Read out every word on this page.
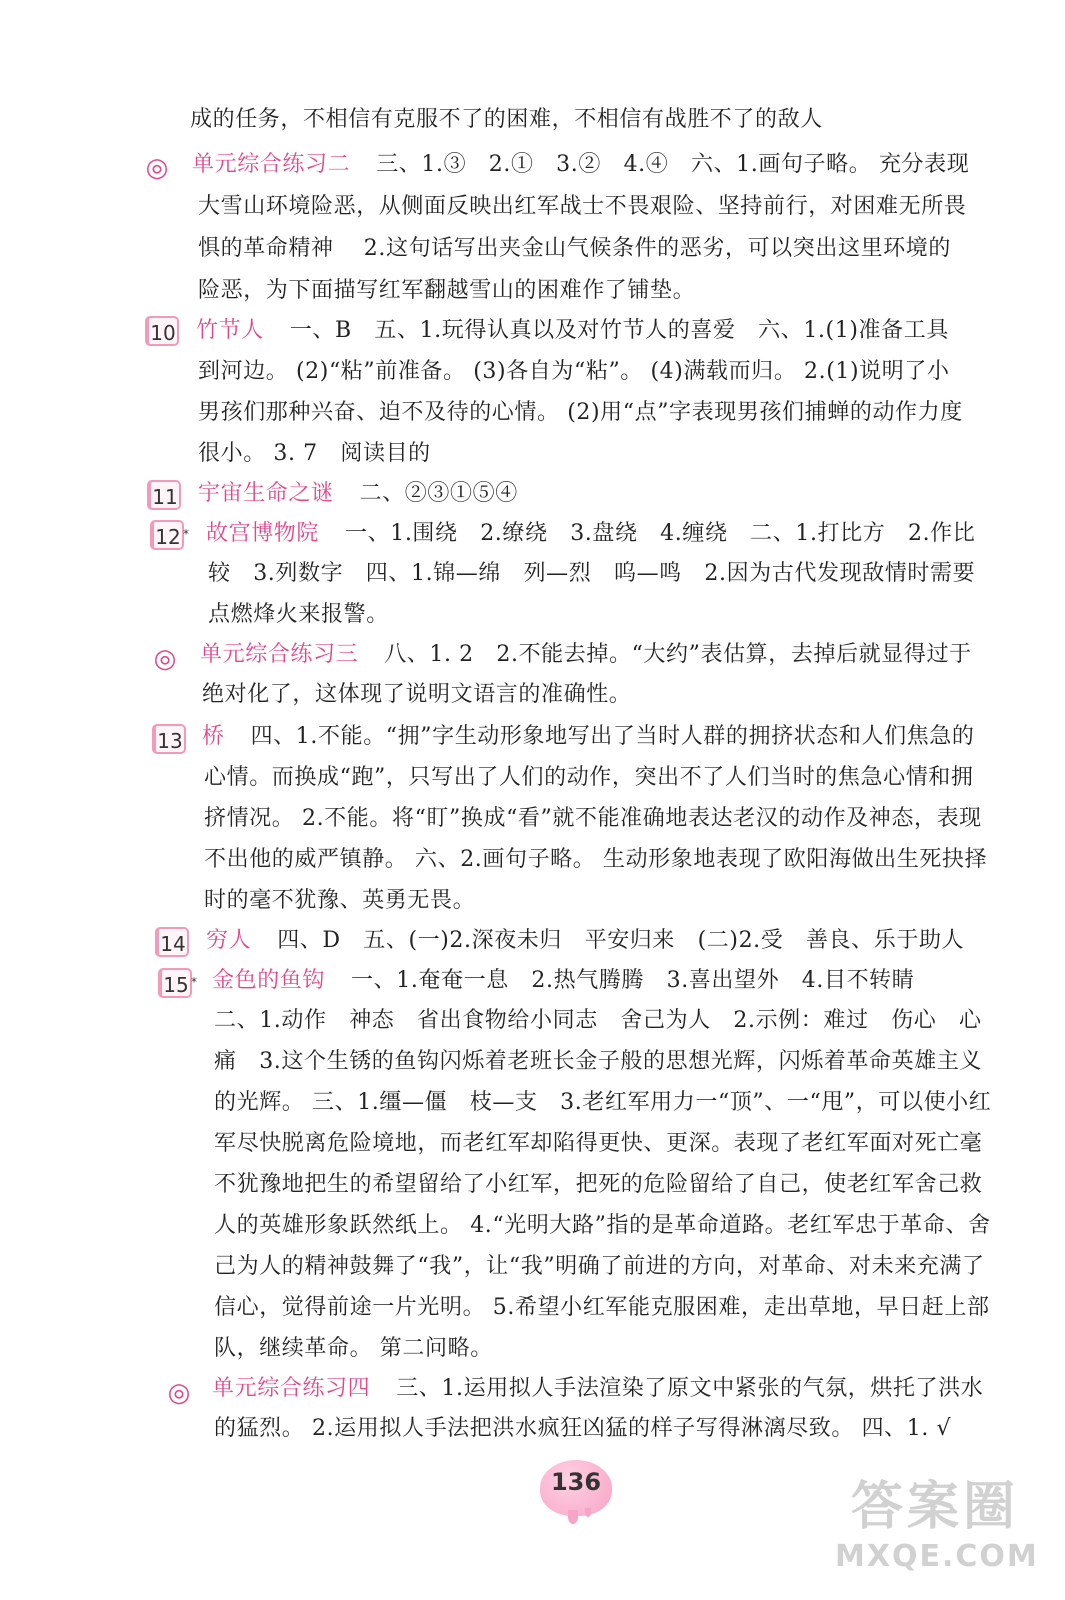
成的任务，不相信有克服不了的困难，不相信有战胜不了的敌人
◎ 单元综合练习二 三、1.③　2.①　3.②　4.④　六、1.画句子略。 充分表现
大雪山环境险恶，从侧面反映出红军战士不畏艰险、坚持前行，对困难无所畏
惧的革命精神　 2.这句话写出夹金山气候条件的恶劣，可以突出这里环境的
险恶，为下面描写红军翻越雪山的困难作了铺垫。
10 竹节人 一、B　五、1.玩得认真以及对竹节人的喜爱　六、1.(1)准备工具
到河边。 (2)“粘”前准备。 (3)各自为“粘”。 (4)满载而归。 2.(1)说明了小
男孩们那种兴奋、迫不及待的心情。 (2)用“点”字表现男孩们捕蝉的动作力度
很小。 3. 7　阅读目的
11 宇宙生命之谜 二、②③①⑤④
12 * 故宫博物院 一、1.围绕　2.缭绕　3.盘绕　4.缠绕　二、1.打比方　2.作比
较　3.列数字　四、1.锦—绵　列—烈　呜—鸣　2.因为古代发现敌情时需要
点燃烽火来报警。
◎ 单元综合练习三 八、1. 2　2.不能去掉。“大约”表估算，去掉后就显得过于
绝对化了，这体现了说明文语言的准确性。
13 桥 四、1.不能。“拥”字生动形象地写出了当时人群的拥挤状态和人们焦急的
心情。而换成“跑”，只写出了人们的动作，突出不了人们当时的焦急心情和拥
挤情况。 2.不能。将“盯”换成“看”就不能准确地表达老汉的动作及神态，表现
不出他的威严镇静。 六、2.画句子略。 生动形象地表现了欧阳海做出生死抉择
时的毫不犹豫、英勇无畏。
14 穷人 四、D　五、(一)2.深夜未归　平安归来　(二)2.受　善良、乐于助人
15 * 金色的鱼钩 一、1.奄奄一息　2.热气腾腾　3.喜出望外　4.目不转睛
二、1.动作　神态　省出食物给小同志　舍己为人　2.示例：难过　伤心　心
痛　3.这个生锈的鱼钩闪烁着老班长金子般的思想光辉，闪烁着革命英雄主义
的光辉。 三、1.缰—僵　枝—支　3.老红军用力一“顶”、一“甩”，可以使小红
军尽快脱离危险境地，而老红军却陷得更快、更深。表现了老红军面对死亡毫
不犹豫地把生的希望留给了小红军，把死的危险留给了自己，使老红军舍己救
人的英雄形象跃然纸上。 4.“光明大路”指的是革命道路。老红军忠于革命、舍
己为人的精神鼓舞了“我”，让“我”明确了前进的方向，对革命、对未来充满了
信心，觉得前途一片光明。 5.希望小红军能克服困难，走出草地，早日赶上部
队，继续革命。 第二问略。
◎ 单元综合练习四 三、1.运用拟人手法渲染了原文中紧张的气氛，烘托了洪水
的猛烈。 2.运用拟人手法把洪水疯狂凶猛的样子写得淋漓尽致。 四、1. √
136	答案圈
MXQE.COM
